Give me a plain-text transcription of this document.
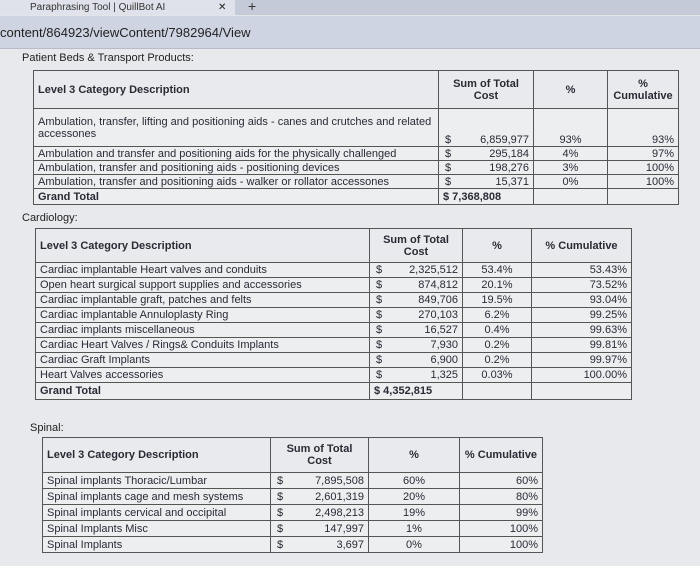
Paraphrasing Tool | QuillBot AI	✕ +
content/864923/viewContent/7982964/View
Patient Beds & Transport Products:
Level 3 Category Description	Sum of Total Cost	%	% Cumulative
Ambulation, transfer, lifting and positioning aids - canes and crutches and related accessones	$ 6,859,977	93%	93%
Ambulation and transfer and positioning aids for the physically challenged	$ 295,184	4%	97%
Ambulation, transfer and positioning aids - positioning devices	$ 198,276	3%	100%
Ambulation, transfer and positioning aids - walker or rollator accessones	$ 15,371	0%	100%
Grand Total	$ 7,368,808		
Cardiology:
Level 3 Category Description	Sum of Total Cost	%	% Cumulative
Cardiac implantable Heart valves and conduits	$ 2,325,512	53.4%	53.43%
Open heart surgical support supplies and accessories	$ 874,812	20.1%	73.52%
Cardiac implantable graft, patches and felts	$ 849,706	19.5%	93.04%
Cardiac implantable Annuloplasty Ring	$ 270,103	6.2%	99.25%
Cardiac implants miscellaneous	$ 16,527	0.4%	99.63%
Cardiac Heart Valves / Rings& Conduits Implants	$ 7,930	0.2%	99.81%
Cardiac Graft Implants	$ 6,900	0.2%	99.97%
Heart Valves accessories	$ 1,325	0.03%	100.00%
Grand Total	$ 4,352,815		
Spinal:
Level 3 Category Description	Sum of Total Cost	%	% Cumulative
Spinal implants Thoracic/Lumbar	$ 7,895,508	60%	60%
Spinal implants cage and mesh systems	$ 2,601,319	20%	80%
Spinal implants cervical and occipital	$ 2,498,213	19%	99%
Spinal Implants Misc	$ 147,997	1%	100%
Spinal Implants	$ 3,697	0%	100%
